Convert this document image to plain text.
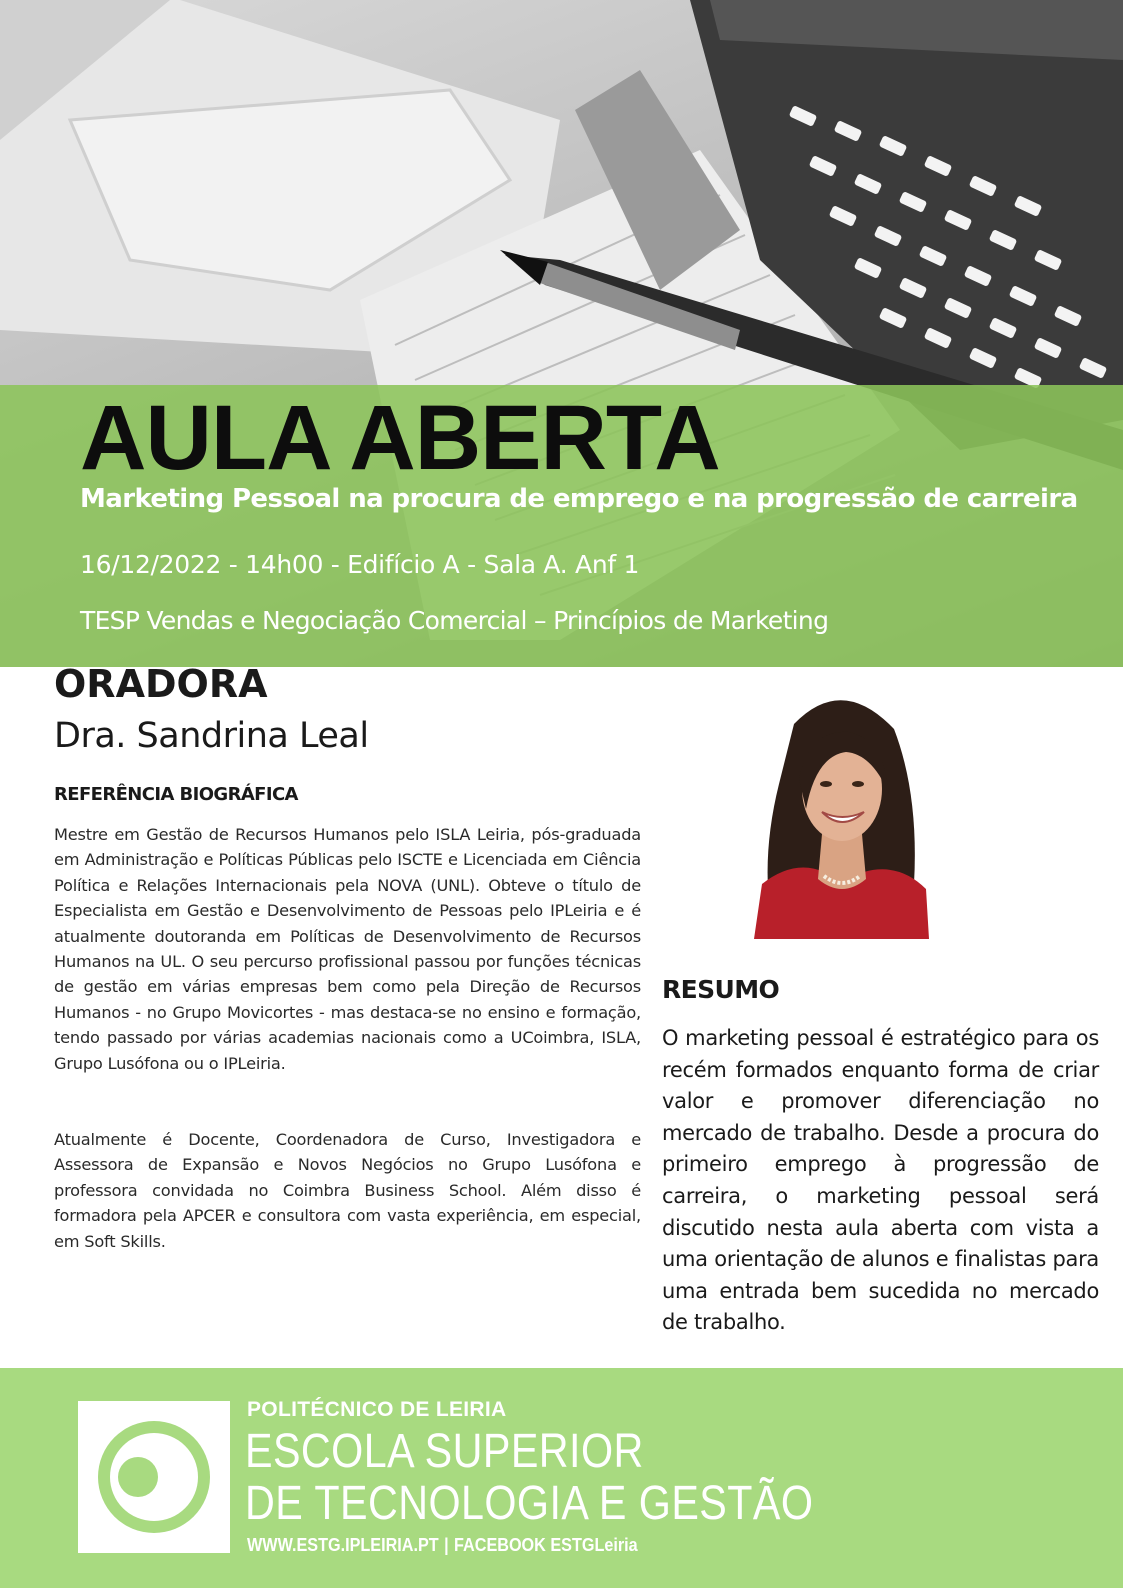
AULA ABERTA

Marketing Pessoal na procura de emprego e na progressão de carreira

16/12/2022 - 14h00 - Edifício A - Sala A. Anf 1

TESP Vendas e Negociação Comercial – Princípios de Marketing

ORADORA

Dra. Sandrina Leal

REFERÊNCIA BIOGRÁFICA

Mestre em Gestão de Recursos Humanos pelo ISLA Leiria, pós-graduada em Administração e Políticas Públicas pelo ISCTE e Licenciada em Ciência Política e Relações Internacionais pela NOVA (UNL). Obteve o título de Especialista em Gestão e Desenvolvimento de Pessoas pelo IPLeiria e é atualmente doutoranda em Políticas de Desenvolvimento de Recursos Humanos na UL. O seu percurso profissional passou por funções técnicas de gestão em várias empresas bem como pela Direção de Recursos Humanos - no Grupo Movicortes - mas destaca-se no ensino e formação, tendo passado por várias academias nacionais como a UCoimbra, ISLA, Grupo Lusófona ou o IPLeiria.

Atualmente é Docente, Coordenadora de Curso, Investigadora e Assessora de Expansão e Novos Negócios no Grupo Lusófona e professora convidada no Coimbra Business School. Além disso é formadora pela APCER e consultora com vasta experiência, em especial, em Soft Skills.

RESUMO

O marketing pessoal é estratégico para os recém formados enquanto forma de criar valor e promover diferenciação no mercado de trabalho. Desde a procura do primeiro emprego à progressão de carreira, o marketing pessoal será discutido nesta aula aberta com vista a uma orientação de alunos e finalistas para uma entrada bem sucedida no mercado de trabalho.

POLITÉCNICO DE LEIRIA

ESCOLA SUPERIOR

DE TECNOLOGIA E GESTÃO

WWW.ESTG.IPLEIRIA.PT | FACEBOOK ESTGLeiria
